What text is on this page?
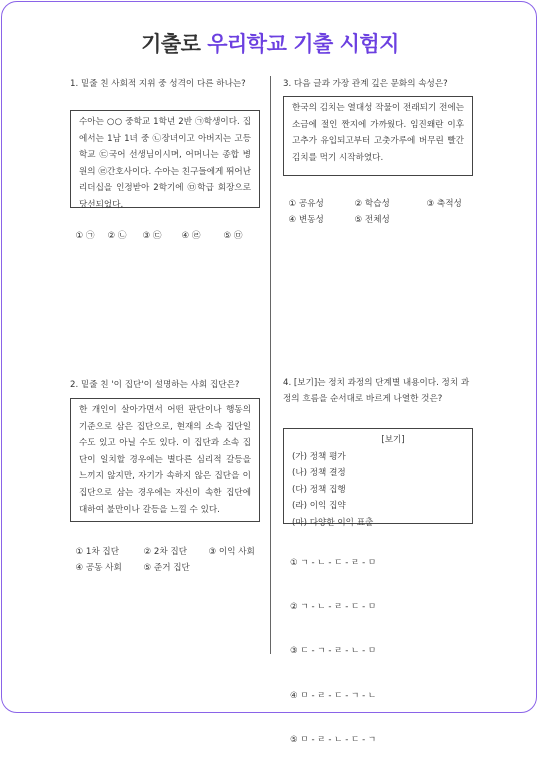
기출로 우리학교 기출 시험지
1. 밑줄 친 사회적 지위 중 성격이 다른 하나는?
수아는 ○○ 중학교 1학년 2반 ㉠학생이다. 집에서는 1남 1녀 중 ㉡장녀이고 아버지는 고등학교 ㉢국어 선생님이시며, 어머니는 종합 병원의 ㉣간호사이다. 수아는 친구들에게 뛰어난 리더십을 인정받아 2학기에 ㉤학급 회장으로 당선되었다.

① ㉠ ② ㉡ ③ ㉢ ④ ㉣	⑤ ㉤

2. 밑줄 친 '이 집단'이 설명하는 사회 집단은?
한 개인이 살아가면서 어떤 판단이나 행동의 기준으로 삼은 집단으로, 현재의 소속 집단일 수도 있고 아닐 수도 있다. 이 집단과 소속 집단이 일치할 경우에는 별다른 심리적 갈등을 느끼지 않지만, 자기가 속하지 않은 집단을 이 집단으로 삼는 경우에는 자신이 속한 집단에 대하여 불만이나 갈등을 느낄 수 있다.

① 1차 집단	② 2차 집단 ③ 이익 사회

④ 공동 사회	⑤ 준거 집단

3. 다음 글과 가장 관계 깊은 문화의 속성은?
한국의 김치는 열대성 작물이 전래되기 전에는 소금에 절인 짠지에 가까웠다. 임진왜란 이후 고추가 유입되고부터 고춧가루에 버무린 빨간 김치를 먹기 시작하였다.

① 공유성	② 학습성	③ 축적성

④ 변동성	⑤ 전체성

4. [보기]는 정치 과정의 단계별 내용이다. 정치 과정의 흐름을 순서대로 바르게 나열한 것은?
[보기]
(가) 정책 평가
(나) 정책 결정
(다) 정책 집행
(라) 이익 집약
(마) 다양한 이익 표출

① ㄱ - ㄴ - ㄷ - ㄹ - ㅁ

② ㄱ - ㄴ - ㄹ - ㄷ - ㅁ

③ ㄷ - ㄱ - ㄹ - ㄴ - ㅁ

④ ㅁ - ㄹ - ㄷ - ㄱ - ㄴ

⑤ ㅁ - ㄹ - ㄴ - ㄷ - ㄱ
